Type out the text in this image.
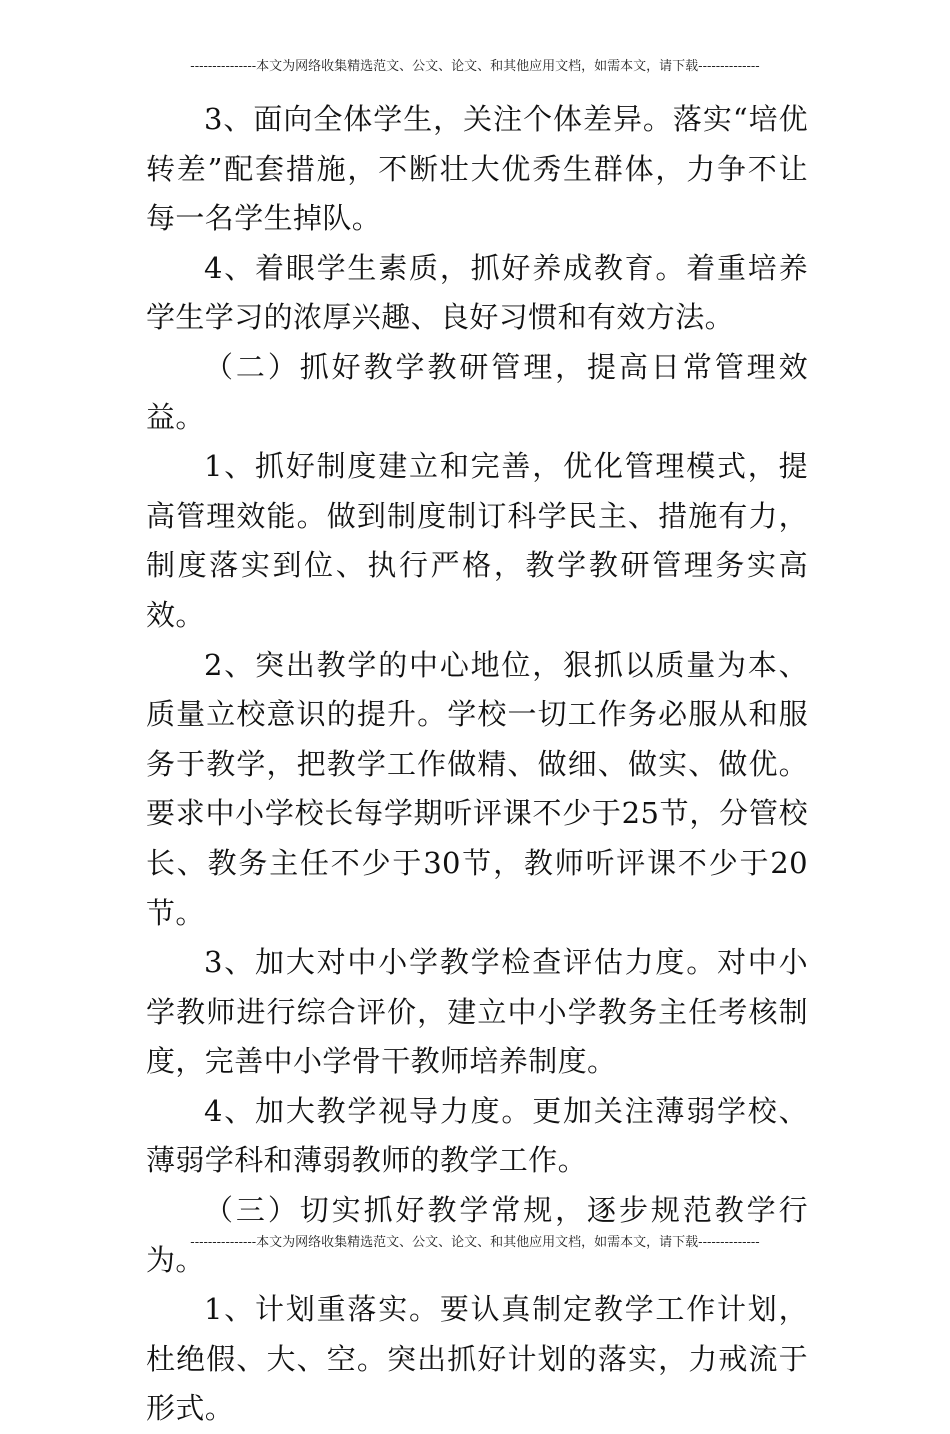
---------------本文为网络收集精选范文、公文、论文、和其他应用文档，如需本文，请下载--------------

3、面向全体学生，关注个体差异。落实“培优转差”配套措施，不断壮大优秀生群体，力争不让每一名学生掉队。

4、着眼学生素质，抓好养成教育。着重培养学生学习的浓厚兴趣、良好习惯和有效方法。

（二）抓好教学教研管理，提高日常管理效益。

1、抓好制度建立和完善，优化管理模式，提高管理效能。做到制度制订科学民主、措施有力，制度落实到位、执行严格，教学教研管理务实高效。

2、突出教学的中心地位，狠抓以质量为本、质量立校意识的提升。学校一切工作务必服从和服务于教学，把教学工作做精、做细、做实、做优。要求中小学校长每学期听评课不少于25节，分管校长、教务主任不少于30节，教师听评课不少于20节。

3、加大对中小学教学检查评估力度。对中小学教师进行综合评价，建立中小学教务主任考核制度，完善中小学骨干教师培养制度。

4、加大教学视导力度。更加关注薄弱学校、薄弱学科和薄弱教师的教学工作。

（三）切实抓好教学常规，逐步规范教学行为。

1、计划重落实。要认真制定教学工作计划，杜绝假、大、空。突出抓好计划的落实，力戒流于形式。

---------------本文为网络收集精选范文、公文、论文、和其他应用文档，如需本文，请下载--------------
